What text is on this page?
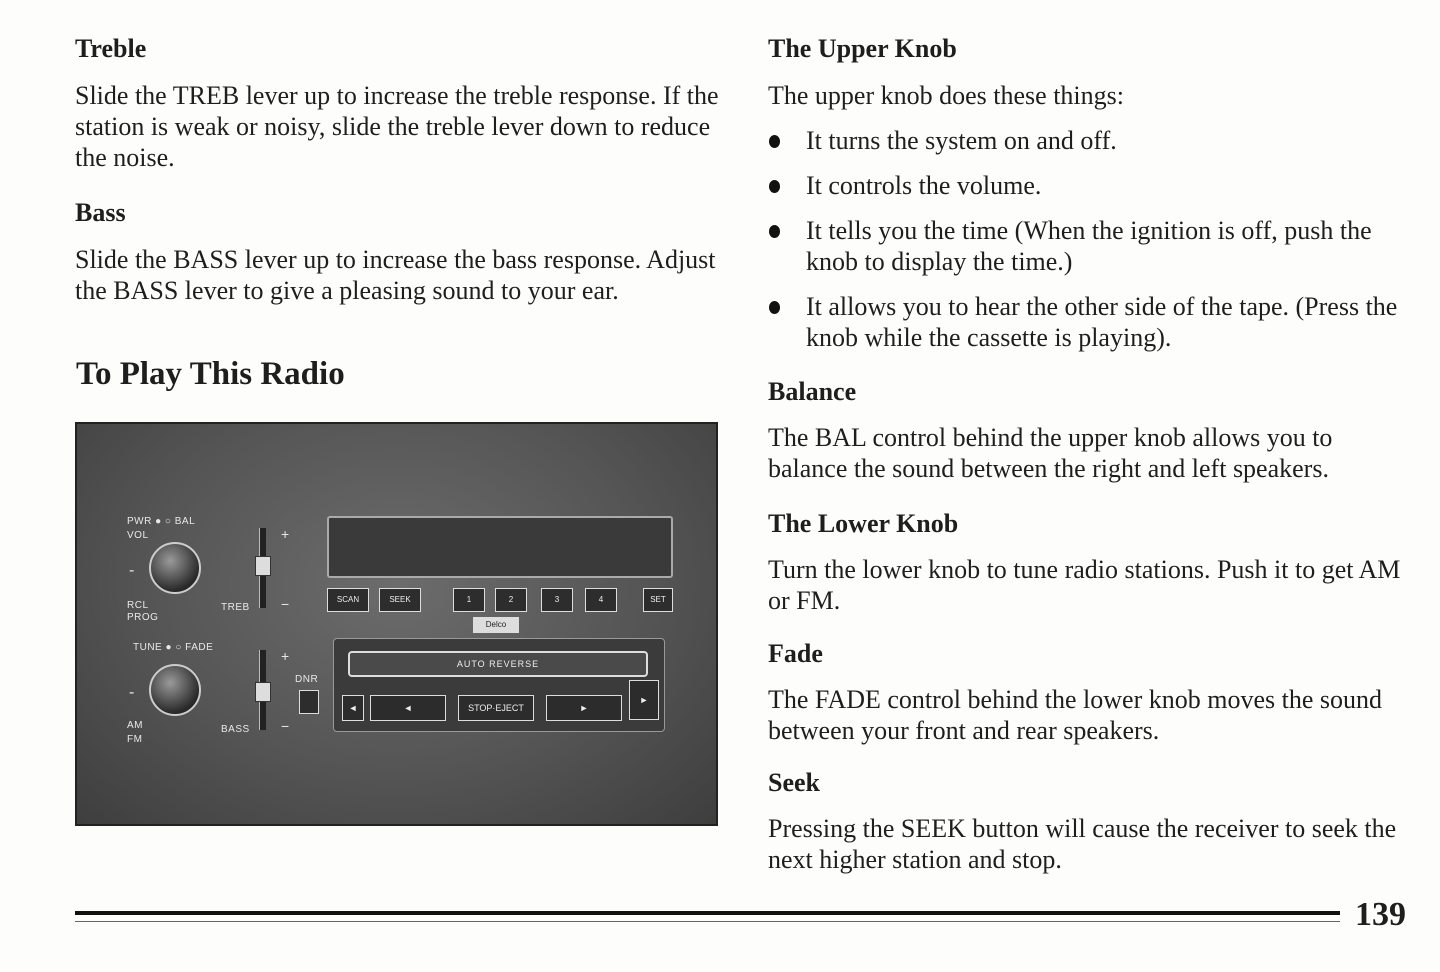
Treble

Slide the TREB lever up to increase the treble response. If the station is weak or noisy, slide the treble lever down to reduce the noise.

Bass

Slide the BASS lever up to increase the bass response. Adjust the BASS lever to give a pleasing sound to your ear.

To Play This Radio
PWR ● ○ BAL
VOL
-
RCL
PROG
TREB
+
−
TUNE ● ○ FADE
-
AM
FM
BASS
+
−
DNR
SCAN	SEEK	1	2	3	4	SET
Delco
AUTO REVERSE
◄	◄	STOP·EJECT	►
►
The Upper Knob

The upper knob does these things:

It turns the system on and off.
It controls the volume.
It tells you the time (When the ignition is off, push the knob to display the time.)
It allows you to hear the other side of the tape. (Press the knob while the cassette is playing).
Balance

The BAL control behind the upper knob allows you to balance the sound between the right and left speakers.

The Lower Knob

Turn the lower knob to tune radio stations. Push it to get AM or FM.

Fade

The FADE control behind the lower knob moves the sound between your front and rear speakers.

Seek

Pressing the SEEK button will cause the receiver to seek the next higher station and stop.

139
